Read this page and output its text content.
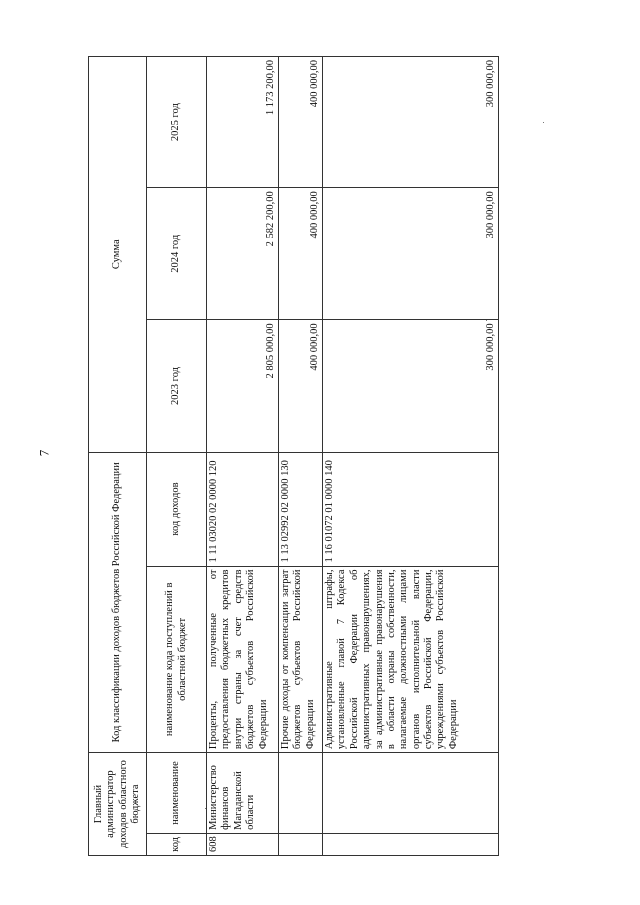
7
Главный администратор доходов областного бюджета		Код классификации доходов бюджетов Российской Федерации		Сумма		
код	наименование	наименование кода поступлений в областной бюджет	код доходов	2023 год	2024 год	2025 год
608	Министерство финансов Магаданской области	Проценты, полученные от предоставления бюджетных кредитов внутри страны за счет средств бюджетов субъектов Российской Федерации	1 11 03020 02 0000 120	2 805 000,00	2 582 200,00	1 173 200,00
		Прочие доходы от компенсации затрат бюджетов субъектов Российской Федерации	1 13 02992 02 0000 130	400 000,00	400 000,00	400 000,00
		Административные штрафы, установленные главой 7 Кодекса Российской Федерации об административных правонарушениях, за административные правонарушения в области охраны собственности, налагаемые должностными лицами органов исполнительной власти субъектов Российской Федерации, учреждениями субъектов Российской Федерации	1 16 01072 01 0000 140	300 000,00	300 000,00	300 000,00
